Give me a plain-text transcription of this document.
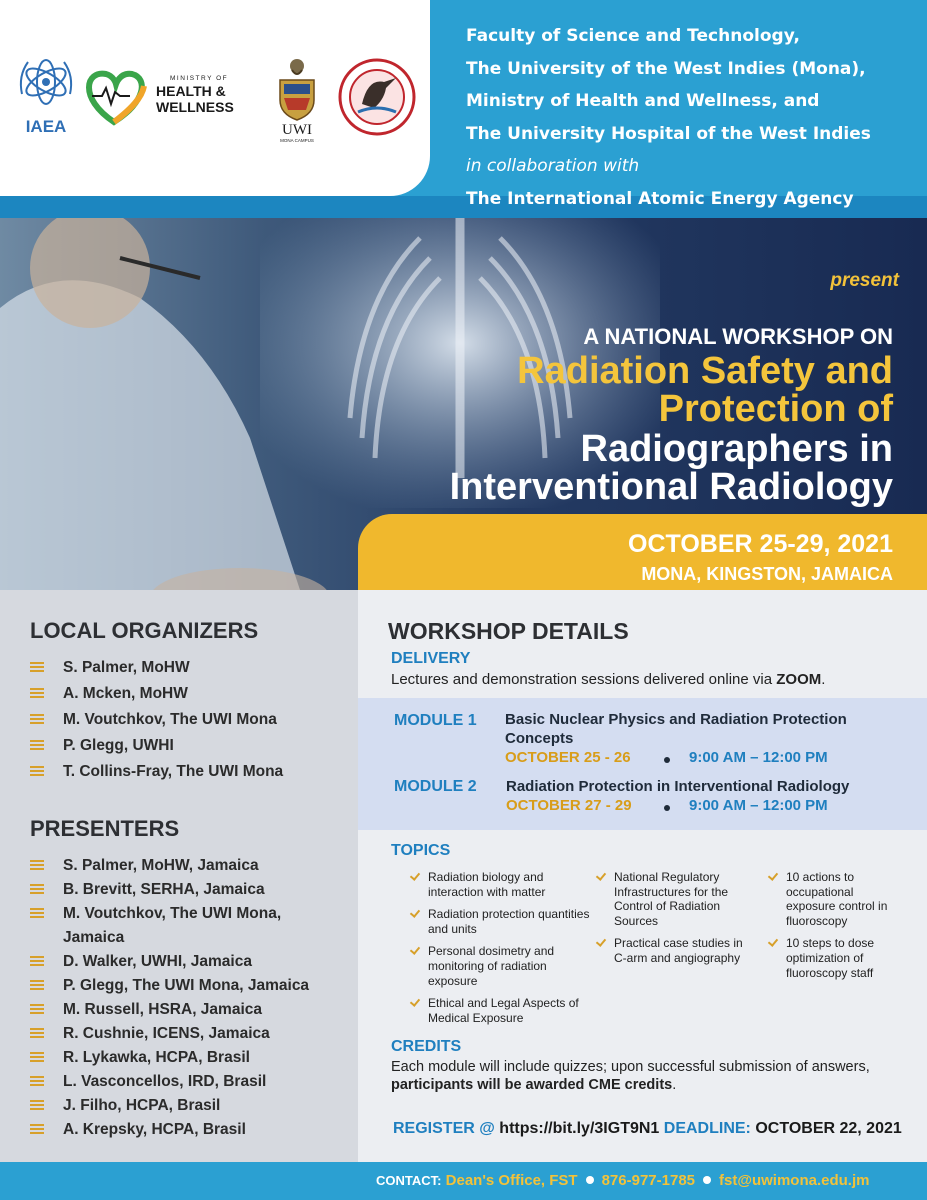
IAEA
MINISTRY OF
HEALTH &
WELLNESS
UWI
MONA CAMPUS
Faculty of Science and Technology,
The University of the West Indies (Mona),
Ministry of Health and Wellness, and
The University Hospital of the West Indies
in collaboration with
The International Atomic Energy Agency
present
A NATIONAL WORKSHOP ON
Radiation Safety and
Protection of
Radiographers in
Interventional Radiology
OCTOBER 25-29, 2021
MONA, KINGSTON, JAMAICA
LOCAL ORGANIZERS
S. Palmer, MoHW
A. Mcken, MoHW
M. Voutchkov, The UWI Mona
P. Glegg, UWHI
T. Collins-Fray, The UWI Mona
PRESENTERS
S. Palmer, MoHW, Jamaica
B. Brevitt, SERHA, Jamaica
M. Voutchkov, The UWI Mona, Jamaica
D. Walker, UWHI, Jamaica
P. Glegg, The UWI Mona, Jamaica
M. Russell, HSRA, Jamaica
R. Cushnie, ICENS, Jamaica
R. Lykawka, HCPA, Brasil
L. Vasconcellos, IRD, Brasil
J. Filho, HCPA, Brasil
A. Krepsky, HCPA, Brasil
WORKSHOP DETAILS
DELIVERY
Lectures and demonstration sessions delivered online via ZOOM.
MODULE 1 Basic Nuclear Physics and Radiation Protection
Concepts
OCTOBER 25 - 26	9:00 AM – 12:00 PM
MODULE 2 Radiation Protection in Interventional Radiology
OCTOBER 27 - 29	9:00 AM – 12:00 PM
TOPICS
Radiation biology and interaction with matter
Radiation protection quantities and units
Personal dosimetry and monitoring of radiation exposure
Ethical and Legal Aspects of Medical Exposure
National Regulatory Infrastructures for the Control of Radiation Sources
Practical case studies in C-arm and angiography
10 actions to occupational exposure control in fluoroscopy
10 steps to dose optimization of fluoroscopy staff
CREDITS
Each module will include quizzes; upon successful submission of answers, participants will be awarded CME credits.
REGISTER @ https://bit.ly/3IGT9N1 DEADLINE: OCTOBER 22, 2021
CONTACT: Dean's Office, FST 876-977-1785 fst@uwimona.edu.jm
